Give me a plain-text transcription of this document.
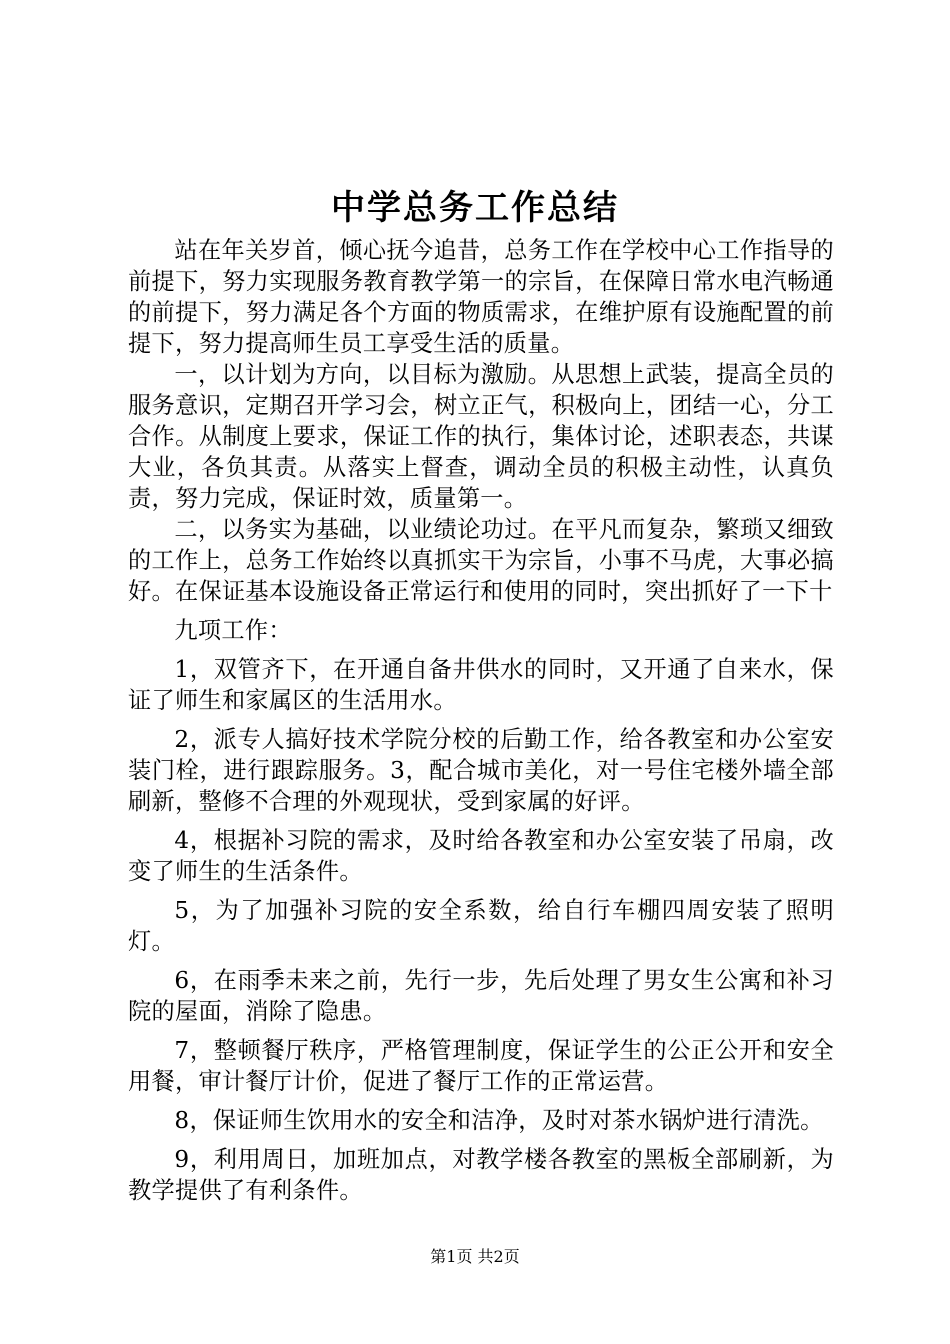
中学总务工作总结

站在年关岁首，倾心抚今追昔，总务工作在学校中心工作指导的前提下，努力实现服务教育教学第一的宗旨，在保障日常水电汽畅通的前提下，努力满足各个方面的物质需求，在维护原有设施配置的前提下，努力提高师生员工享受生活的质量。

一，以计划为方向，以目标为激励。从思想上武装，提高全员的服务意识，定期召开学习会，树立正气，积极向上，团结一心，分工合作。从制度上要求，保证工作的执行，集体讨论，述职表态，共谋大业，各负其责。从落实上督查，调动全员的积极主动性，认真负责，努力完成，保证时效，质量第一。

二，以务实为基础，以业绩论功过。在平凡而复杂，繁琐又细致的工作上，总务工作始终以真抓实干为宗旨，小事不马虎，大事必搞好。在保证基本设施设备正常运行和使用的同时，突出抓好了一下十

九项工作：

1，双管齐下，在开通自备井供水的同时，又开通了自来水，保证了师生和家属区的生活用水。

2，派专人搞好技术学院分校的后勤工作，给各教室和办公室安装门栓，进行跟踪服务。3，配合城市美化，对一号住宅楼外墙全部刷新，整修不合理的外观现状，受到家属的好评。

4，根据补习院的需求，及时给各教室和办公室安装了吊扇，改变了师生的生活条件。

5，为了加强补习院的安全系数，给自行车棚四周安装了照明灯。

6，在雨季未来之前，先行一步，先后处理了男女生公寓和补习院的屋面，消除了隐患。

7，整顿餐厅秩序，严格管理制度，保证学生的公正公开和安全用餐，审计餐厅计价，促进了餐厅工作的正常运营。

8，保证师生饮用水的安全和洁净，及时对茶水锅炉进行清洗。

9，利用周日，加班加点，对教学楼各教室的黑板全部刷新，为教学提供了有利条件。

第1页 共2页
